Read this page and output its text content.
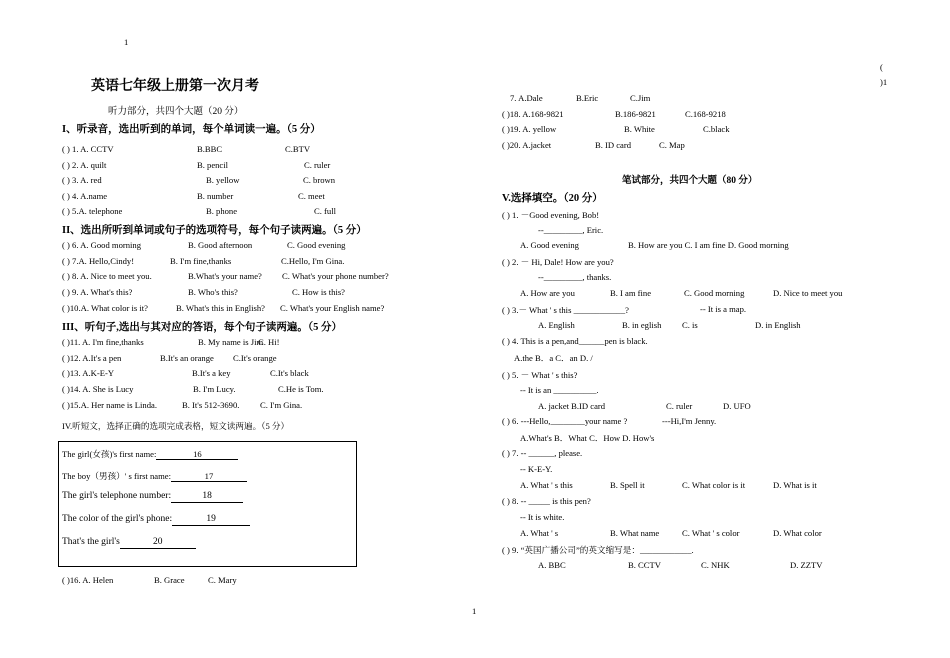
1
(
)1
1
英语七年级上册第一次月考
听力部分，共四个大题（20 分）
I、听录音，选出听到的单词，每个单词读一遍。（5 分）
( ) 1. A. CCTV	B.BBC	C.BTV
( ) 2. A. quilt	B. pencil	C. ruler
( ) 3. A. red	B. yellow	C. brown
( ) 4. A.name	B. number	C. meet
( ) 5.A. telephone	B. phone	C. full
II、选出所听到单词或句子的选项符号，每个句子读两遍。（5 分）
( ) 6. A. Good morning	B. Good afternoon	C. Good evening
( ) 7.A. Hello,Cindy!	B. I'm fine,thanks	C.Hello, I'm Gina.
( ) 8. A. Nice to meet you.	B.What's your name? C. What's your phone number?
( ) 9. A. What's this?	B. Who's this?	C. How is this?
( )10.A. What color is it?	B. What's this in English? C. What's your English name?
III、听句子,选出与其对应的答语，每个句子读两遍。（5 分）
( )11. A. I'm fine,thanks	B. My name is Jim
C. Hi!
( )12. A.It's a pen	B.It's an orange C.It's orange
( )13. A.K-E-Y	B.It's a key	C.It's black
( )14. A. She is Lucy	B. I'm Lucy.	C.He is Tom.
( )15.A. Her name is Linda.	B. It's 512-3690. C. I'm Gina.
IV.听短文，选择正确的选项完成表格，短文读两遍。（5 分）
The girl(女孩)'s first name:	16
The boy（男孩）' s first name:	17
The girl's telephone number:	18
The color of the girl's phone:	19
That's the girl's	20
( )16. A. Helen	B. Grace	C. Mary
7. A.Dale	B.Eric	C.Jim
( )18. A.168-9821	B.186-9821	C.168-9218
( )19. A. yellow	B. White	C.black
( )20. A.jacket	B. ID card	C. Map
笔试部分，共四个大题（80 分）
V.选择填空。（20 分）
( ) 1. －Good evening, Bob!
--_________, Eric.
A. Good evening	B. How are you C. I am fine D. Good morning
( ) 2. － Hi, Dale! How are you?
--_________, thanks.
A. How are you	B. I am fine	C. Good morning	D. Nice to meet you
( ) 3.－ What ' s this ____________?	-- It is a map.
A. English	B. in eglish C. is	D. in English
( ) 4. This is a pen,and______pen is black.
A.the B．a C．an D. /
( ) 5. － What ' s this?
-- It is an __________.
A. jacket B.ID card	C. ruler	D. UFO
( ) 6. ---Hello,________your name ?	---Hi,I'm Jenny.
A.What's B．What C．How D. How's
( ) 7. -- ______, please.
-- K-E-Y.
A. What ' s this	B. Spell it	C. What color is it	D. What is it
( ) 8. -- _____ is this pen?
-- It is white.
A. What ' s	B. What name	C. What ' s color	D. What color
( ) 9. “英国广播公司”的英文缩写是：____________.
A. BBC	B. CCTV	C. NHK	D. ZZTV
